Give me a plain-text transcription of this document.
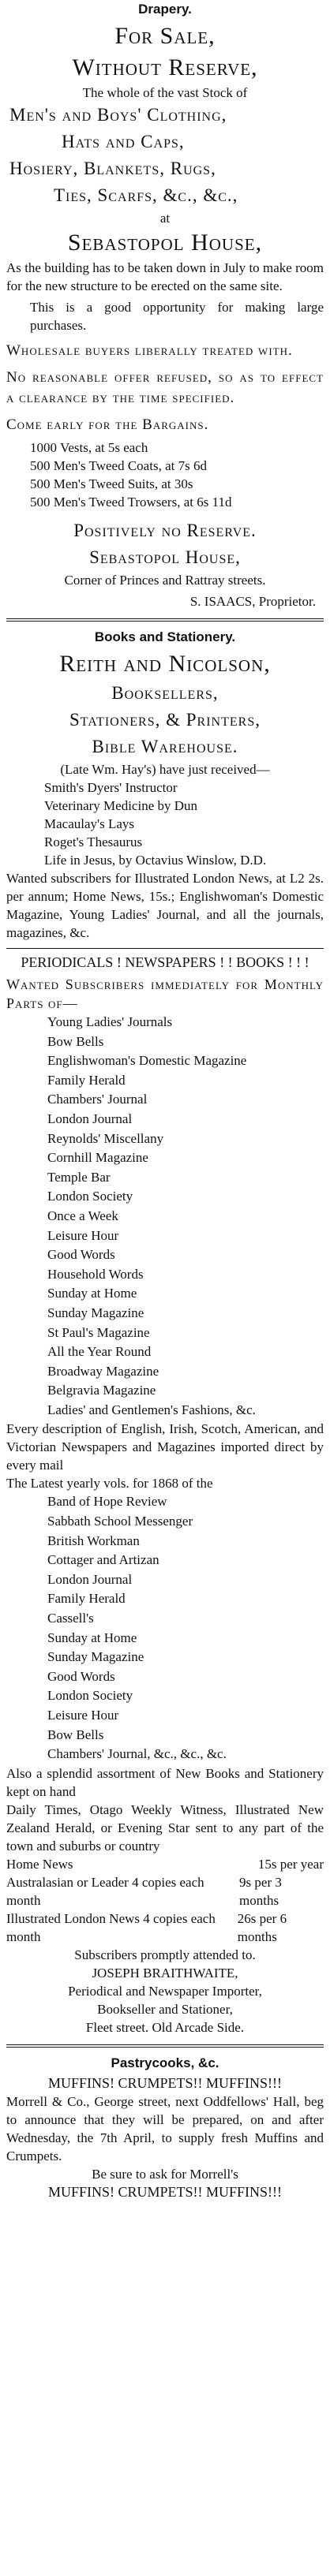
Drapery.
For Sale,
Without Reserve,
The whole of the vast Stock of
Men's and Boys' Clothing,
Hats and Caps,
Hosiery, Blankets, Rugs,
Ties, Scarfs, &c., &c.,
at
Sebastopol House,
As the building has to be taken down in July to make room for the new structure to be erected on the same site.
This is a good opportunity for making large purchases.
Wholesale buyers liberally treated with.
No reasonable offer refused, so as to effect a clearance by the time specified.
Come early for the Bargains.
1000 Vests, at 5s each
500 Men's Tweed Coats, at 7s 6d
500 Men's Tweed Suits, at 30s
500 Men's Tweed Trowsers, at 6s 11d
Positively no Reserve.
Sebastopol House,
Corner of Princes and Rattray streets.
S. ISAACS, Proprietor.
Books and Stationery.
Reith and Nicolson,
Booksellers,
Stationers, & Printers,
Bible Warehouse.
(Late Wm. Hay's) have just received—
Smith's Dyers' Instructor
Veterinary Medicine by Dun
Macaulay's Lays
Roget's Thesaurus
Life in Jesus, by Octavius Winslow, D.D.
Wanted subscribers for Illustrated London News, at L2 2s. per annum; Home News, 15s.; Englishwoman's Domestic Magazine, Young Ladies' Journal, and all the journals, magazines, &c.
PERIODICALS ! NEWSPAPERS ! ! BOOKS ! ! !
Wanted Subscribers immediately for Monthly Parts of—
Young Ladies' Journals
Bow Bells
Englishwoman's Domestic Magazine
Family Herald
Chambers' Journal
London Journal
Reynolds' Miscellany
Cornhill Magazine
Temple Bar
London Society
Once a Week
Leisure Hour
Good Words
Household Words
Sunday at Home
Sunday Magazine
St Paul's Magazine
All the Year Round
Broadway Magazine
Belgravia Magazine
Ladies' and Gentlemen's Fashions, &c.
Every description of English, Irish, Scotch, American, and Victorian Newspapers and Magazines imported direct by every mail
The Latest yearly vols. for 1868 of the
Band of Hope Review
Sabbath School Messenger
British Workman
Cottager and Artizan
London Journal
Family Herald
Cassell's
Sunday at Home
Sunday Magazine
Good Words
London Society
Leisure Hour
Bow Bells
Chambers' Journal, &c., &c., &c.
Also a splendid assortment of New Books and Stationery kept on hand
Daily Times, Otago Weekly Witness, Illustrated New Zealand Herald, or Evening Star sent to any part of the town and suburbs or country
Home News	15s per year
Australasian or Leader 4 copies each month
9s per 3 months
Illustrated London News 4 copies each month
26s per 6 months
Subscribers promptly attended to.
JOSEPH BRAITHWAITE,
Periodical and Newspaper Importer,
Bookseller and Stationer,
Fleet street. Old Arcade Side.
Pastrycooks, &c.
MUFFINS! CRUMPETS!! MUFFINS!!!
Morrell & Co., George street, next Oddfellows' Hall, beg to announce that they will be prepared, on and after Wednesday, the 7th April, to supply fresh Muffins and Crumpets.
Be sure to ask for Morrell's
MUFFINS! CRUMPETS!! MUFFINS!!!
